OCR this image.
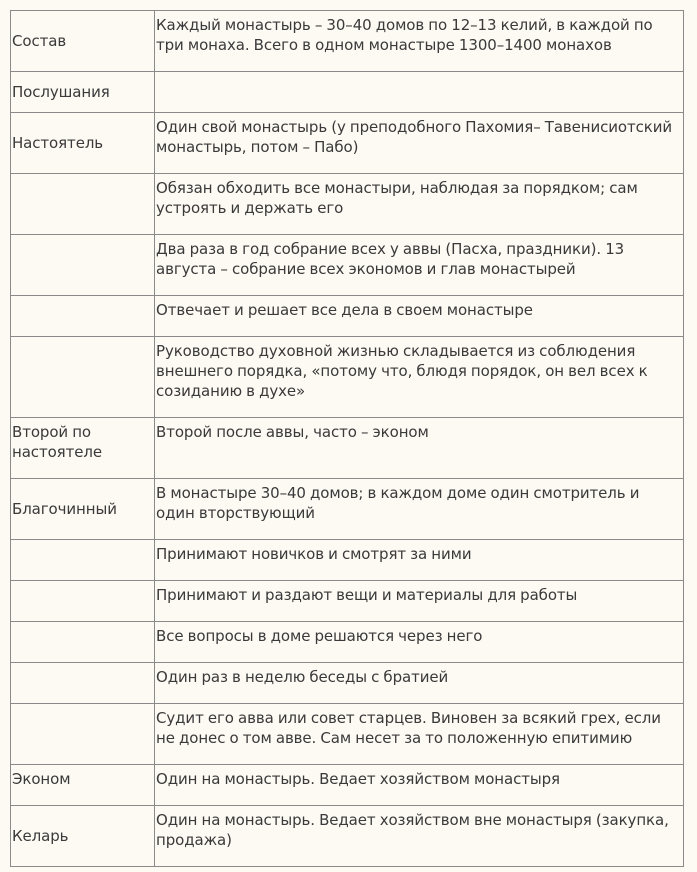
Состав	Каждый монастырь – 30–40 домов по 12–13 келий, в каждой по три монаха. Всего в одном монастыре 1300–1400 монахов
Послушания	
Настоятель	Один свой монастырь (у преподобного Пахомия– Тавенисиотский монастырь, потом – Пабо)
	Обязан обходить все монастыри, наблюдая за порядком; сам устроять и держать его
	Два раза в год собрание всех у аввы (Пасха, праздники). 13 августа – собрание всех экономов и глав монастырей
	Отвечает и решает все дела в своем монастыре
	Руководство духовной жизнью складывается из соблюдения внешнего порядка, «потому что, блюдя порядок, он вел всех к созиданию в духе»
Второй по настоятеле	Второй после аввы, часто – эконом
Благочинный	В монастыре 30–40 домов; в каждом доме один смотритель и один вторствующий
	Принимают новичков и смотрят за ними
	Принимают и раздают вещи и материалы для работы
	Все вопросы в доме решаются через него
	Один раз в неделю беседы с братией
	Судит его авва или совет старцев. Виновен за всякий грех, если не донес о том авве. Сам несет за то положенную епитимию
Эконом	Один на монастырь. Ведает хозяйством монастыря
Келарь	Один на монастырь. Ведает хозяйством вне монастыря (закупка, продажа)
